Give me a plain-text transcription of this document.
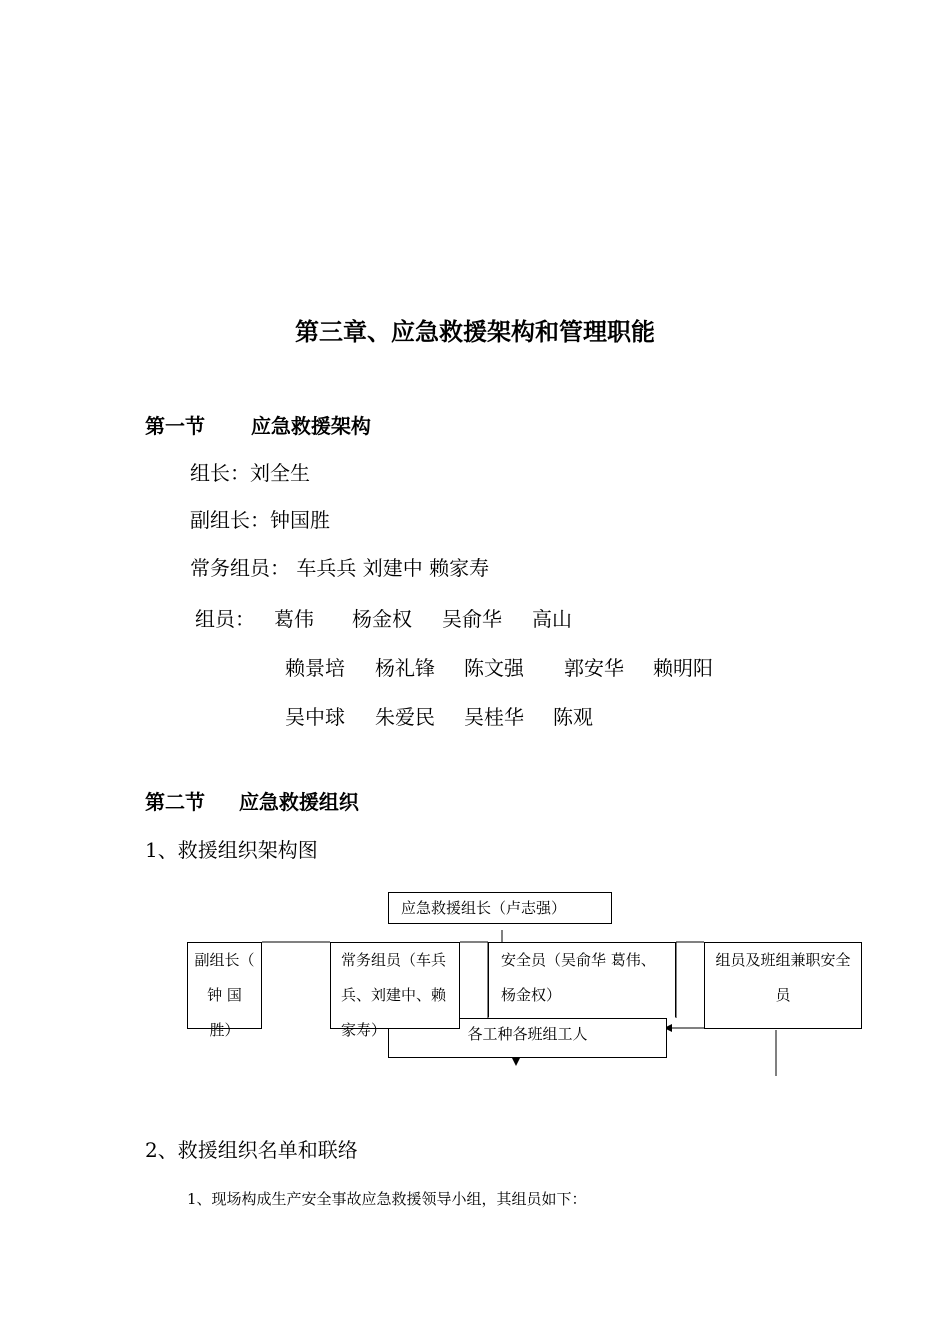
第三章、应急救援架构和管理职能
第一节 应急救援架构
组长：刘全生
副组长：钟国胜
常务组员： 车兵兵 刘建中 赖家寿
组员： 葛伟 杨金权 吴俞华 高山
赖景培 杨礼锋 陈文强 郭安华 赖明阳
吴中球 朱爱民 吴桂华 陈观
第二节 应急救援组织
1、救援组织架构图
应急救援组长（卢志强）
各工种各班组工人
副组长（ 钟 国 胜）
常务组员（车兵兵、刘建中、赖家寿）
安全员（吴俞华 葛伟、杨金权）
组员及班组兼职安全员
2、救援组织名单和联络
1、现场构成生产安全事故应急救援领导小组，其组员如下：
